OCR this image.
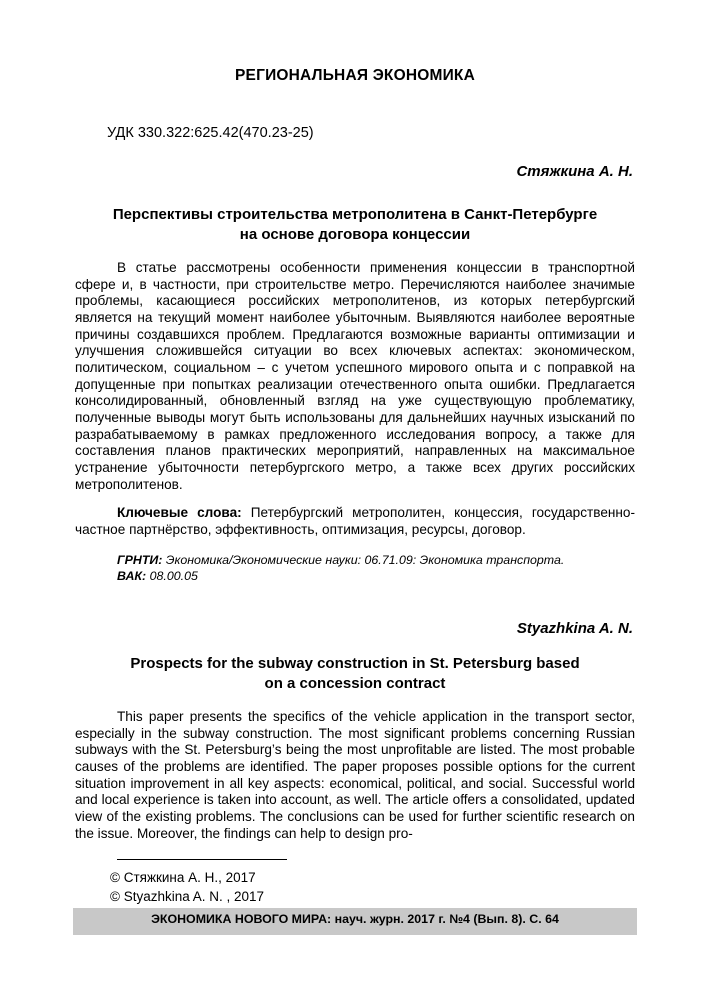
РЕГИОНАЛЬНАЯ ЭКОНОМИКА
УДК 330.322:625.42(470.23-25)
Стяжкина А. Н.
Перспективы строительства метрополитена в Санкт-Петербурге
на основе договора концессии

В статье рассмотрены особенности применения концессии в транспортной сфере и, в частности, при строительстве метро. Перечисляются наиболее значимые проблемы, касающиеся российских метрополитенов, из которых петербургский является на текущий момент наиболее убыточным. Выявляются наиболее вероятные причины создавшихся проблем. Предлагаются возможные варианты оптимизации и улучшения сложившейся ситуации во всех ключевых аспектах: экономическом, политическом, социальном – с учетом успешного мирового опыта и с поправкой на допущенные при попытках реализации отечественного опыта ошибки. Предлагается консолидированный, обновленный взгляд на уже существующую проблематику, полученные выводы могут быть использованы для дальнейших научных изысканий по разрабатываемому в рамках предложенного исследования вопросу, а также для составления планов практических мероприятий, направленных на максимальное устранение убыточности петербургского метро, а также всех других российских метрополитенов.

Ключевые слова: Петербургский метрополитен, концессия, государственно-частное партнёрство, эффективность, оптимизация, ресурсы, договор.

ГРНТИ: Экономика/Экономические науки: 06.71.09: Экономика транспорта.
ВАК: 08.00.05
Styazhkina A. N.
Prospects for the subway construction in St. Petersburg based
on a concession contract

This paper presents the specifics of the vehicle application in the transport sector, especially in the subway construction. The most significant problems concerning Russian subways with the St. Petersburg’s being the most unprofitable are listed. The most probable causes of the problems are identified. The paper proposes possible options for the current situation improvement in all key aspects: economical, political, and social. Successful world and local experience is taken into account, as well. The article offers a consolidated, updated view of the existing problems. The conclusions can be used for further scientific research on the issue. Moreover, the findings can help to design pro-

© Стяжкина А. Н., 2017
© Styazhkina A. N. , 2017
ЭКОНОМИКА НОВОГО МИРА: науч. журн. 2017 г. №4 (Вып. 8). С. 64
